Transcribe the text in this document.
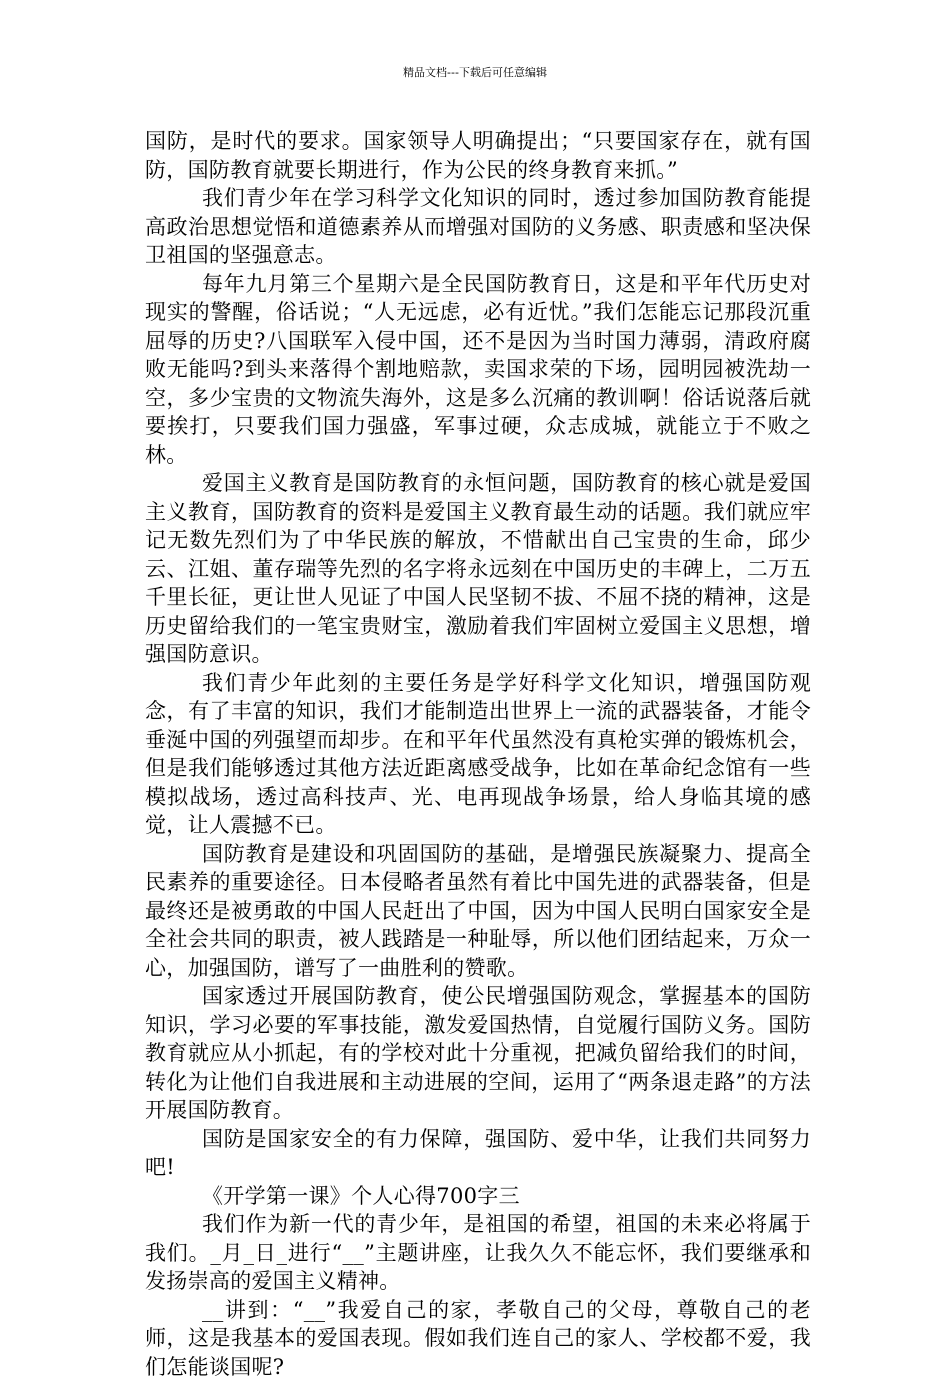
精品文档---下载后可任意编辑

国防，是时代的要求。国家领导人明确提出；“只要国家存在，就有国防，国防教育就要长期进行，作为公民的终身教育来抓。”

我们青少年在学习科学文化知识的同时，透过参加国防教育能提高政治思想觉悟和道德素养从而增强对国防的义务感、职责感和坚决保卫祖国的坚强意志。

每年九月第三个星期六是全民国防教育日，这是和平年代历史对现实的警醒，俗话说；“人无远虑，必有近忧。”我们怎能忘记那段沉重屈辱的历史?八国联军入侵中国，还不是因为当时国力薄弱，清政府腐败无能吗?到头来落得个割地赔款，卖国求荣的下场，园明园被洗劫一空，多少宝贵的文物流失海外，这是多么沉痛的教训啊！俗话说落后就要挨打，只要我们国力强盛，军事过硬，众志成城，就能立于不败之林。

爱国主义教育是国防教育的永恒问题，国防教育的核心就是爱国主义教育，国防教育的资料是爱国主义教育最生动的话题。我们就应牢记无数先烈们为了中华民族的解放，不惜献出自己宝贵的生命，邱少云、江姐、董存瑞等先烈的名字将永远刻在中国历史的丰碑上，二万五千里长征，更让世人见证了中国人民坚韧不拔、不屈不挠的精神，这是历史留给我们的一笔宝贵财宝，激励着我们牢固树立爱国主义思想，增强国防意识。

我们青少年此刻的主要任务是学好科学文化知识，增强国防观念，有了丰富的知识，我们才能制造出世界上一流的武器装备，才能令垂涎中国的列强望而却步。在和平年代虽然没有真枪实弹的锻炼机会，但是我们能够透过其他方法近距离感受战争，比如在革命纪念馆有一些模拟战场，透过高科技声、光、电再现战争场景，给人身临其境的感觉，让人震撼不已。

国防教育是建设和巩固国防的基础，是增强民族凝聚力、提高全民素养的重要途径。日本侵略者虽然有着比中国先进的武器装备，但是最终还是被勇敢的中国人民赶出了中国，因为中国人民明白国家安全是全社会共同的职责，被人践踏是一种耻辱，所以他们团结起来，万众一心，加强国防，谱写了一曲胜利的赞歌。

国家透过开展国防教育，使公民增强国防观念，掌握基本的国防知识，学习必要的军事技能，激发爱国热情，自觉履行国防义务。国防教育就应从小抓起，有的学校对此十分重视，把减负留给我们的时间，转化为让他们自我进展和主动进展的空间，运用了“两条退走路”的方法开展国防教育。

国防是国家安全的有力保障，强国防、爱中华，让我们共同努力吧!

《开学第一课》个人心得700字三

我们作为新一代的青少年，是祖国的希望，祖国的未来必将属于我们。_月_日_进行“__”主题讲座，让我久久不能忘怀，我们要继承和发扬崇高的爱国主义精神。

__讲到：“__”我爱自己的家，孝敬自己的父母，尊敬自己的老师，这是我基本的爱国表现。假如我们连自己的家人、学校都不爱，我们怎能谈国呢?
